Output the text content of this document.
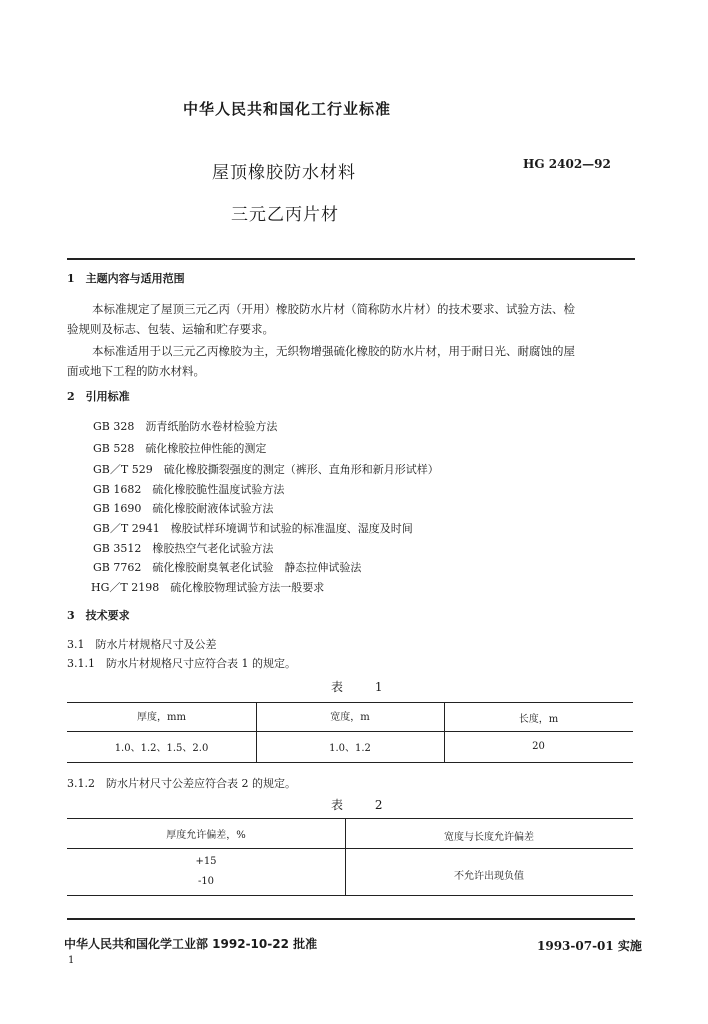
中华人民共和国化工行业标准
屋顶橡胶防水材料
三元乙丙片材
HG 2402—92
1　主题内容与适用范围
本标准规定了屋顶三元乙丙（开用）橡胶防水片材（简称防水片材）的技术要求、试验方法、检
验规则及标志、包装、运输和贮存要求。
本标准适用于以三元乙丙橡胶为主，无织物增强硫化橡胶的防水片材，用于耐日光、耐腐蚀的屋
面或地下工程的防水材料。
2　引用标准
GB 328　沥青纸胎防水卷材检验方法
GB 528　硫化橡胶拉伸性能的测定
GB／T 529　硫化橡胶撕裂强度的测定（裤形、直角形和新月形试样）
GB 1682　硫化橡胶脆性温度试验方法
GB 1690　硫化橡胶耐液体试验方法
GB／T 2941　橡胶试样环境调节和试验的标准温度、湿度及时间
GB 3512　橡胶热空气老化试验方法
GB 7762　硫化橡胶耐臭氧老化试验　静态拉伸试验法
HG／T 2198　硫化橡胶物理试验方法一般要求
3　技术要求
3.1　防水片材规格尺寸及公差
3.1.1　防水片材规格尺寸应符合表 1 的规定。
表 1
厚度，mm	宽度，m	长度，m
1.0、1.2、1.5、2.0	1.0、1.2	20
3.1.2　防水片材尺寸公差应符合表 2 的规定。
表 2
厚度允许偏差，%	宽度与长度允许偏差
+15
-10	不允许出现负值
中华人民共和国化学工业部 1992-10-22 批准	1993-07-01 实施
1
